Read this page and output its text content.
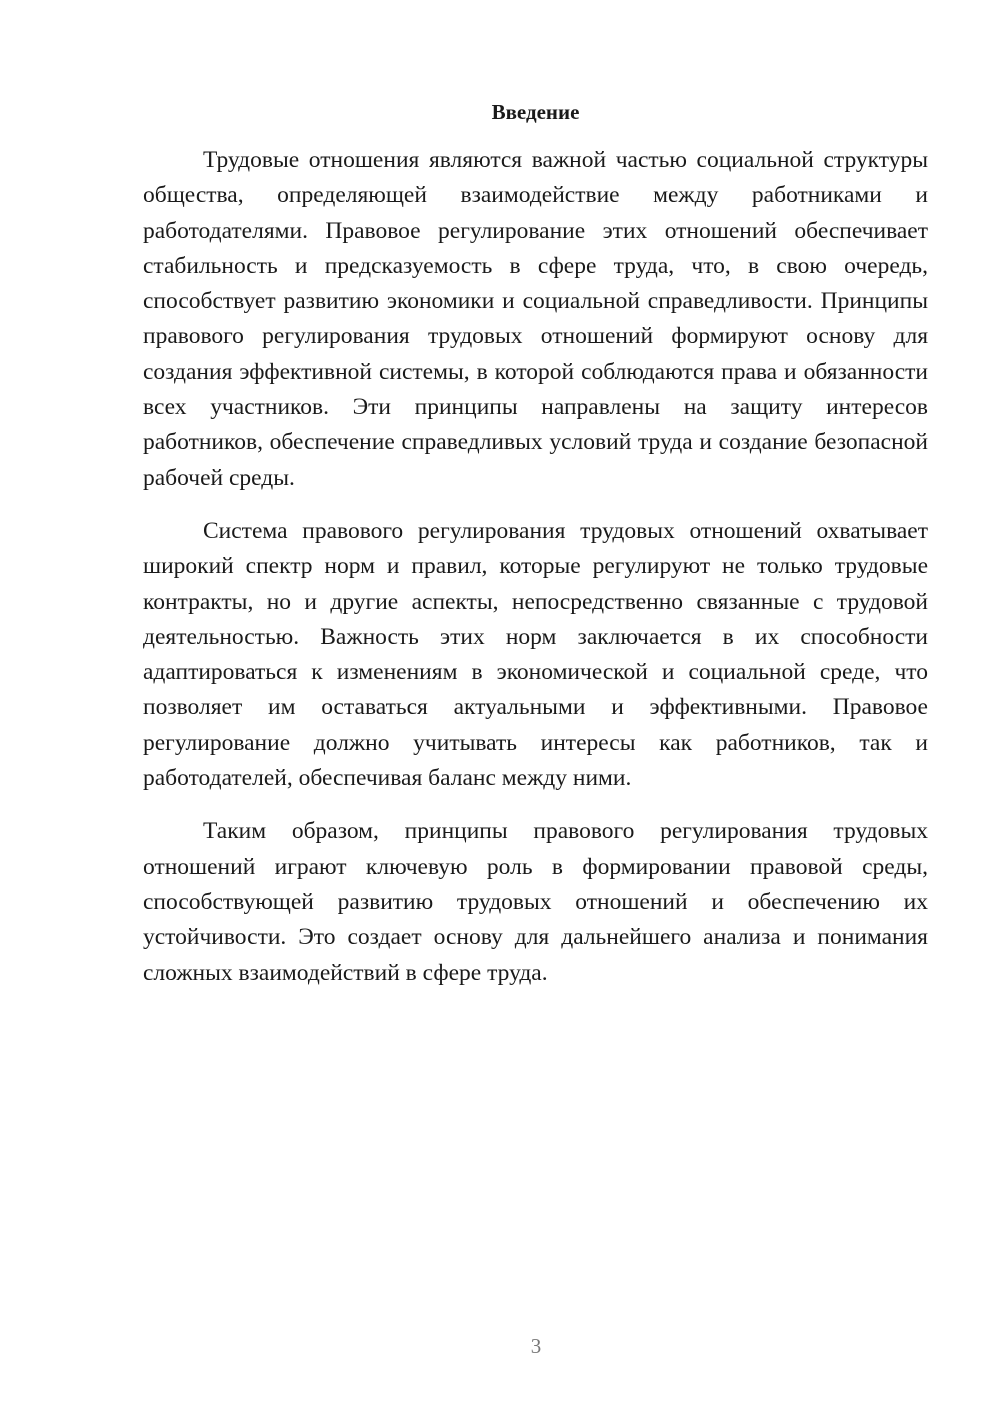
Введение

Трудовые отношения являются важной частью социальной структуры общества, определяющей взаимодействие между работниками и работодателями. Правовое регулирование этих отношений обеспечивает стабильность и предсказуемость в сфере труда, что, в свою очередь, способствует развитию экономики и социальной справедливости. Принципы правового регулирования трудовых отношений формируют основу для создания эффективной системы, в которой соблюдаются права и обязанности всех участников. Эти принципы направлены на защиту интересов работников, обеспечение справедливых условий труда и создание безопасной рабочей среды.

Система правового регулирования трудовых отношений охватывает широкий спектр норм и правил, которые регулируют не только трудовые контракты, но и другие аспекты, непосредственно связанные с трудовой деятельностью. Важность этих норм заключается в их способности адаптироваться к изменениям в экономической и социальной среде, что позволяет им оставаться актуальными и эффективными. Правовое регулирование должно учитывать интересы как работников, так и работодателей, обеспечивая баланс между ними.

Таким образом, принципы правового регулирования трудовых отношений играют ключевую роль в формировании правовой среды, способствующей развитию трудовых отношений и обеспечению их устойчивости. Это создает основу для дальнейшего анализа и понимания сложных взаимодействий в сфере труда.

3
